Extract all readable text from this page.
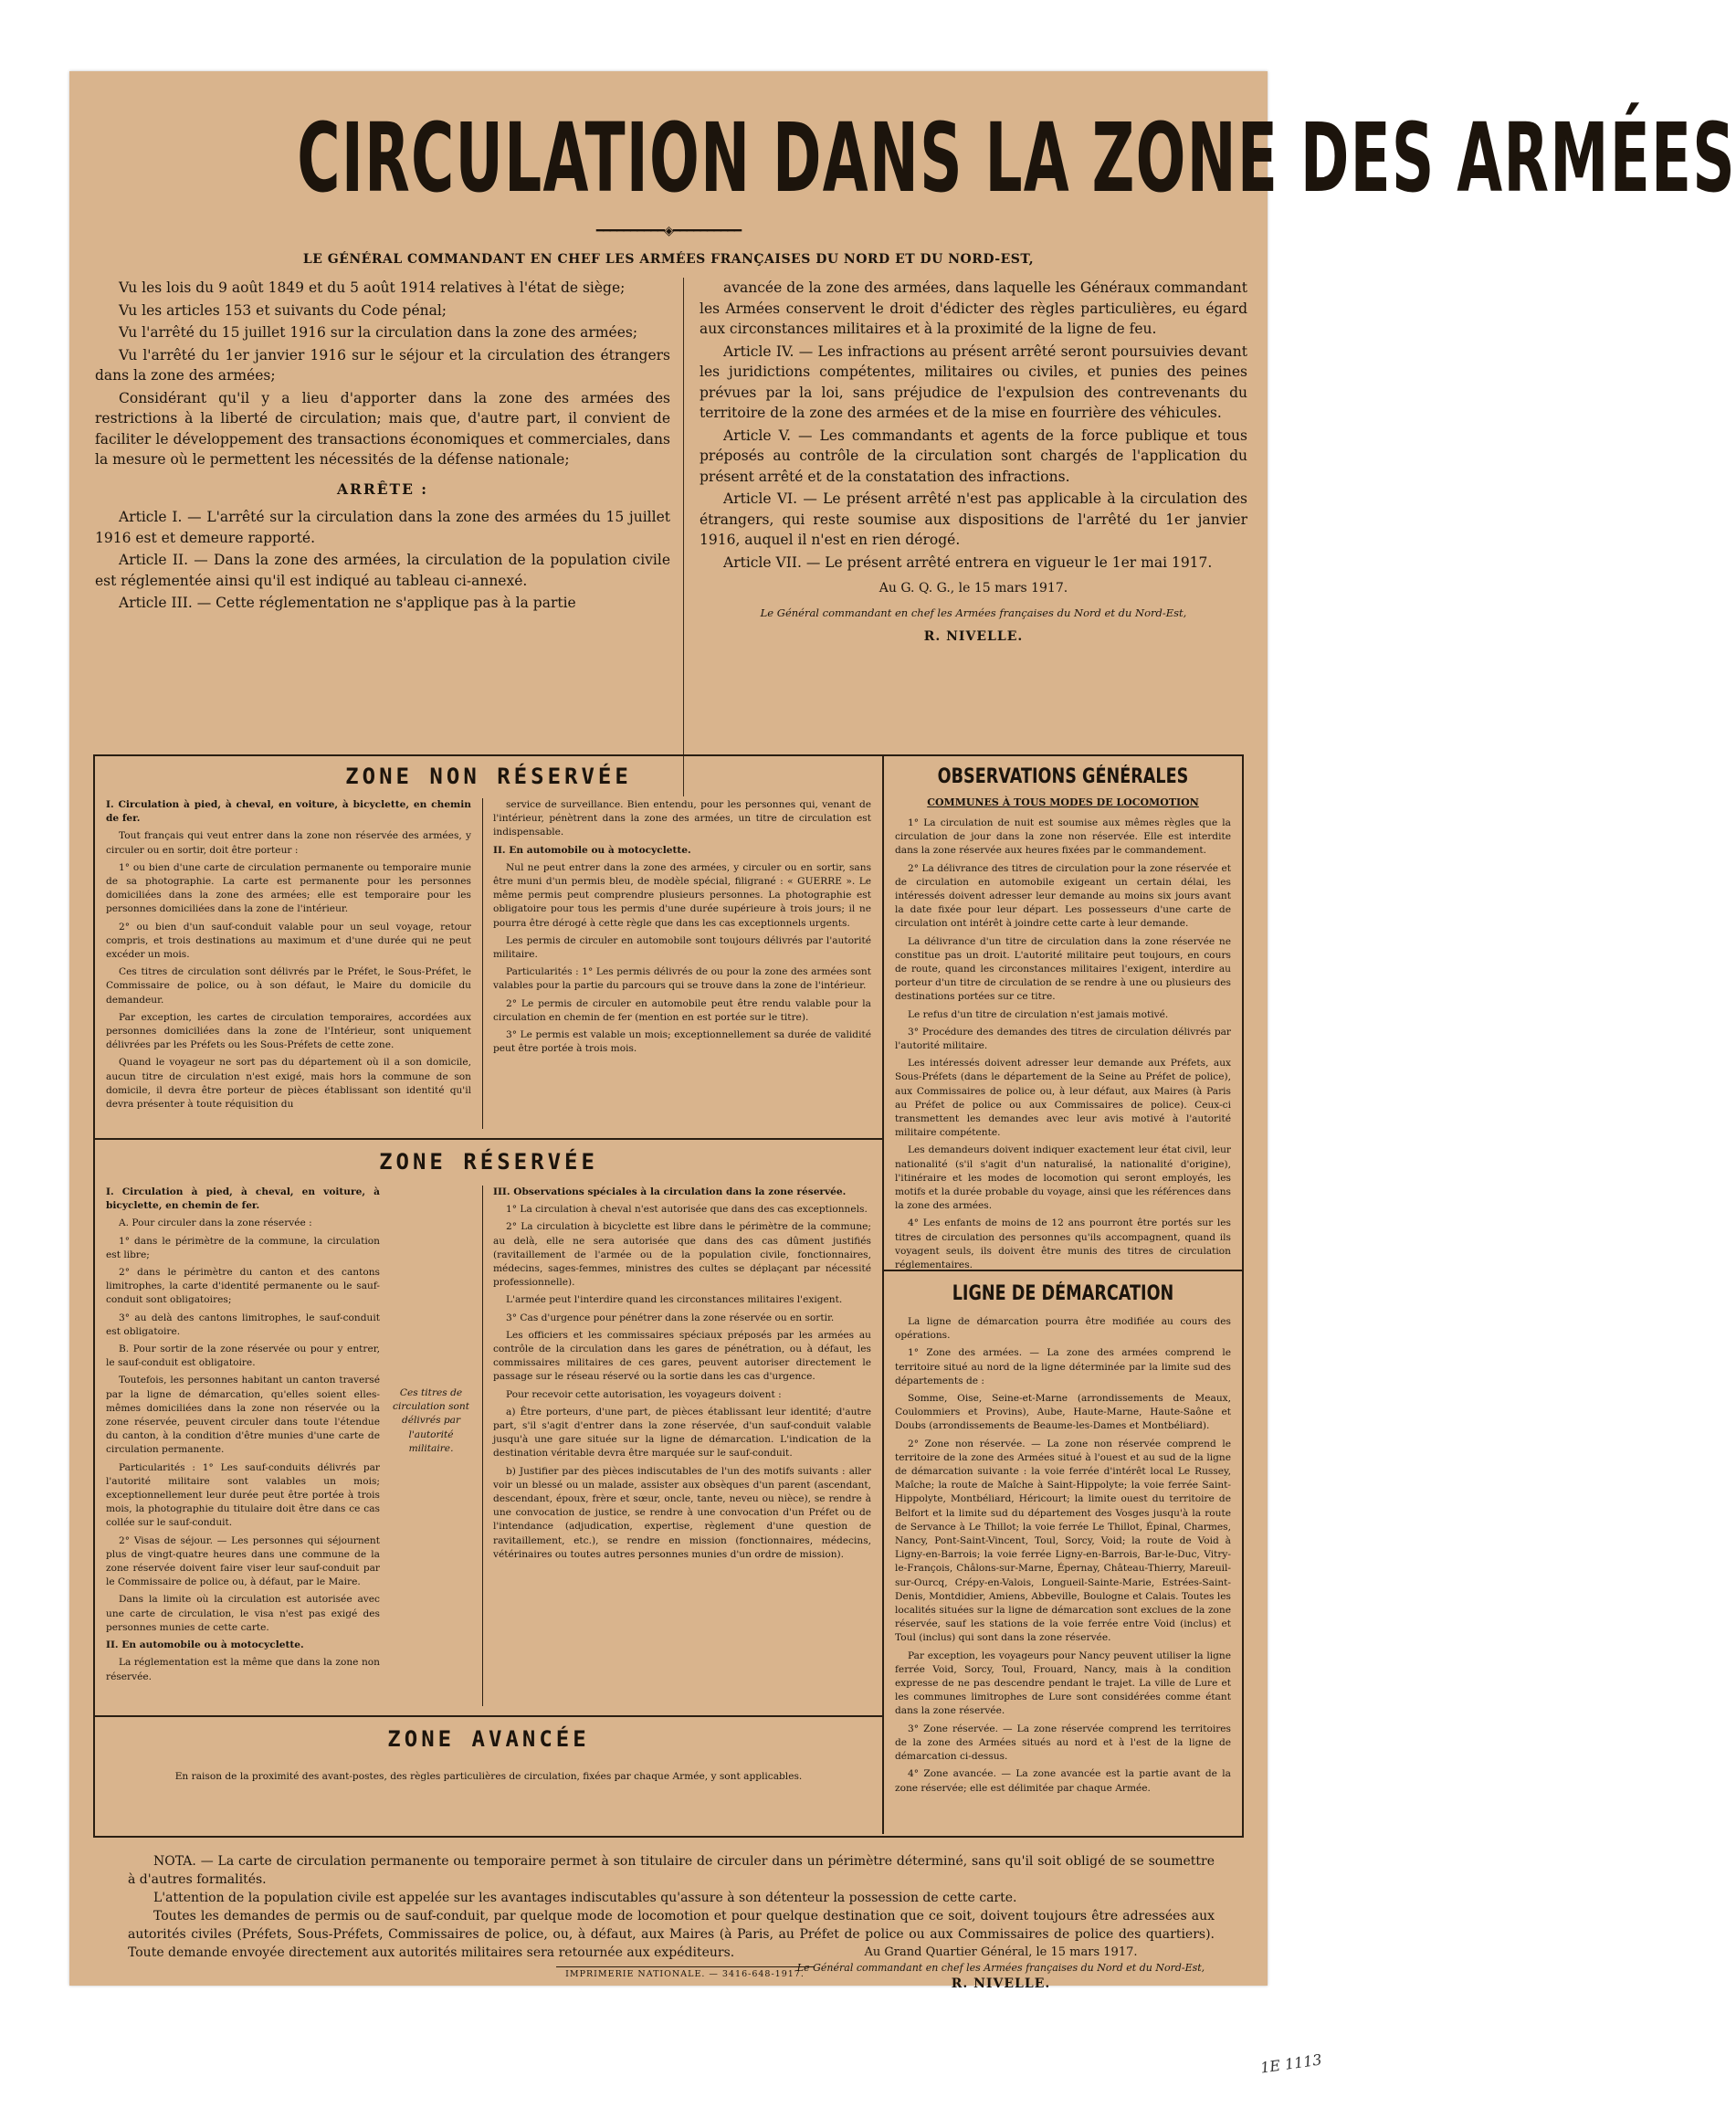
CIRCULATION DANS LA ZONE DES ARMÉES
━━━━━━━━━━◈━━━━━━━━━━
LE GÉNÉRAL COMMANDANT EN CHEF LES ARMÉES FRANÇAISES DU NORD ET DU NORD-EST,

Vu les lois du 9 août 1849 et du 5 août 1914 relatives à l'état de siège;

Vu les articles 153 et suivants du Code pénal;

Vu l'arrêté du 15 juillet 1916 sur la circulation dans la zone des armées;

Vu l'arrêté du 1er janvier 1916 sur le séjour et la circulation des étrangers dans la zone des armées;

Considérant qu'il y a lieu d'apporter dans la zone des armées des restrictions à la liberté de circulation; mais que, d'autre part, il convient de faciliter le développement des transactions économiques et commerciales, dans la mesure où le permettent les nécessités de la défense nationale;

ARRÊTE :

Article I. — L'arrêté sur la circulation dans la zone des armées du 15 juillet 1916 est et demeure rapporté.

Article II. — Dans la zone des armées, la circulation de la population civile est réglementée ainsi qu'il est indiqué au tableau ci-annexé.

Article III. — Cette réglementation ne s'applique pas à la partie

avancée de la zone des armées, dans laquelle les Généraux commandant les Armées conservent le droit d'édicter des règles particulières, eu égard aux circonstances militaires et à la proximité de la ligne de feu.

Article IV. — Les infractions au présent arrêté seront poursuivies devant les juridictions compétentes, militaires ou civiles, et punies des peines prévues par la loi, sans préjudice de l'expulsion des contrevenants du territoire de la zone des armées et de la mise en fourrière des véhicules.

Article V. — Les commandants et agents de la force publique et tous préposés au contrôle de la circulation sont chargés de l'application du présent arrêté et de la constatation des infractions.

Article VI. — Le présent arrêté n'est pas applicable à la circulation des étrangers, qui reste soumise aux dispositions de l'arrêté du 1er janvier 1916, auquel il n'est en rien dérogé.

Article VII. — Le présent arrêté entrera en vigueur le 1er mai 1917.

Au G. Q. G., le 15 mars 1917.
Le Général commandant en chef les Armées françaises du Nord et du Nord-Est,
R. NIVELLE.
ZONE NON RÉSERVÉE

I. Circulation à pied, à cheval, en voiture, à bicyclette, en chemin de fer.

Tout français qui veut entrer dans la zone non réservée des armées, y circuler ou en sortir, doit être porteur :

1° ou bien d'une carte de circulation permanente ou temporaire munie de sa photographie. La carte est permanente pour les personnes domiciliées dans la zone des armées; elle est temporaire pour les personnes domiciliées dans la zone de l'intérieur.

2° ou bien d'un sauf-conduit valable pour un seul voyage, retour compris, et trois destinations au maximum et d'une durée qui ne peut excéder un mois.

Ces titres de circulation sont délivrés par le Préfet, le Sous-Préfet, le Commissaire de police, ou à son défaut, le Maire du domicile du demandeur.

Par exception, les cartes de circulation temporaires, accordées aux personnes domiciliées dans la zone de l'Intérieur, sont uniquement délivrées par les Préfets ou les Sous-Préfets de cette zone.

Quand le voyageur ne sort pas du département où il a son domicile, aucun titre de circulation n'est exigé, mais hors la commune de son domicile, il devra être porteur de pièces établissant son identité qu'il devra présenter à toute réquisition du

service de surveillance. Bien entendu, pour les personnes qui, venant de l'intérieur, pénètrent dans la zone des armées, un titre de circulation est indispensable.

II. En automobile ou à motocyclette.

Nul ne peut entrer dans la zone des armées, y circuler ou en sortir, sans être muni d'un permis bleu, de modèle spécial, filigrané : « GUERRE ». Le même permis peut comprendre plusieurs personnes. La photographie est obligatoire pour tous les permis d'une durée supérieure à trois jours; il ne pourra être dérogé à cette règle que dans les cas exceptionnels urgents.

Les permis de circuler en automobile sont toujours délivrés par l'autorité militaire.

Particularités : 1° Les permis délivrés de ou pour la zone des armées sont valables pour la partie du parcours qui se trouve dans la zone de l'intérieur.

2° Le permis de circuler en automobile peut être rendu valable pour la circulation en chemin de fer (mention en est portée sur le titre).

3° Le permis est valable un mois; exceptionnellement sa durée de validité peut être portée à trois mois.

ZONE RÉSERVÉE

I. Circulation à pied, à cheval, en voiture, à bicyclette, en chemin de fer.

A. Pour circuler dans la zone réservée :

1° dans le périmètre de la commune, la circulation est libre;

2° dans le périmètre du canton et des cantons limitrophes, la carte d'identité permanente ou le sauf-conduit sont obligatoires;

3° au delà des cantons limitrophes, le sauf-conduit est obligatoire.

B. Pour sortir de la zone réservée ou pour y entrer, le sauf-conduit est obligatoire.

Toutefois, les personnes habitant un canton traversé par la ligne de démarcation, qu'elles soient elles-mêmes domiciliées dans la zone non réservée ou la zone réservée, peuvent circuler dans toute l'étendue du canton, à la condition d'être munies d'une carte de circulation permanente.

Particularités : 1° Les sauf-conduits délivrés par l'autorité militaire sont valables un mois; exceptionnellement leur durée peut être portée à trois mois, la photographie du titulaire doit être dans ce cas collée sur le sauf-conduit.

2° Visas de séjour. — Les personnes qui séjournent plus de vingt-quatre heures dans une commune de la zone réservée doivent faire viser leur sauf-conduit par le Commissaire de police ou, à défaut, par le Maire.

Dans la limite où la circulation est autorisée avec une carte de circulation, le visa n'est pas exigé des personnes munies de cette carte.

II. En automobile ou à motocyclette.

La réglementation est la même que dans la zone non réservée.

Ces titres de circulation sont délivrés par l'autorité militaire.

III. Observations spéciales à la circulation dans la zone réservée.

1° La circulation à cheval n'est autorisée que dans des cas exceptionnels.

2° La circulation à bicyclette est libre dans le périmètre de la commune; au delà, elle ne sera autorisée que dans des cas dûment justifiés (ravitaillement de l'armée ou de la population civile, fonctionnaires, médecins, sages-femmes, ministres des cultes se déplaçant par nécessité professionnelle).

L'armée peut l'interdire quand les circonstances militaires l'exigent.

3° Cas d'urgence pour pénétrer dans la zone réservée ou en sortir.

Les officiers et les commissaires spéciaux préposés par les armées au contrôle de la circulation dans les gares de pénétration, ou à défaut, les commissaires militaires de ces gares, peuvent autoriser directement le passage sur le réseau réservé ou la sortie dans les cas d'urgence.

Pour recevoir cette autorisation, les voyageurs doivent :

a) Être porteurs, d'une part, de pièces établissant leur identité; d'autre part, s'il s'agit d'entrer dans la zone réservée, d'un sauf-conduit valable jusqu'à une gare située sur la ligne de démarcation. L'indication de la destination véritable devra être marquée sur le sauf-conduit.

b) Justifier par des pièces indiscutables de l'un des motifs suivants : aller voir un blessé ou un malade, assister aux obsèques d'un parent (ascendant, descendant, époux, frère et sœur, oncle, tante, neveu ou nièce), se rendre à une convocation de justice, se rendre à une convocation d'un Préfet ou de l'intendance (adjudication, expertise, règlement d'une question de ravitaillement, etc.), se rendre en mission (fonctionnaires, médecins, vétérinaires ou toutes autres personnes munies d'un ordre de mission).

ZONE AVANCÉE
En raison de la proximité des avant-postes, des règles particulières de circulation, fixées par chaque Armée, y sont applicables.
OBSERVATIONS GÉNÉRALES
COMMUNES À TOUS MODES DE LOCOMOTION

1° La circulation de nuit est soumise aux mêmes règles que la circulation de jour dans la zone non réservée. Elle est interdite dans la zone réservée aux heures fixées par le commandement.

2° La délivrance des titres de circulation pour la zone réservée et de circulation en automobile exigeant un certain délai, les intéressés doivent adresser leur demande au moins six jours avant la date fixée pour leur départ. Les possesseurs d'une carte de circulation ont intérêt à joindre cette carte à leur demande.

La délivrance d'un titre de circulation dans la zone réservée ne constitue pas un droit. L'autorité militaire peut toujours, en cours de route, quand les circonstances militaires l'exigent, interdire au porteur d'un titre de circulation de se rendre à une ou plusieurs des destinations portées sur ce titre.

Le refus d'un titre de circulation n'est jamais motivé.

3° Procédure des demandes des titres de circulation délivrés par l'autorité militaire.

Les intéressés doivent adresser leur demande aux Préfets, aux Sous-Préfets (dans le département de la Seine au Préfet de police), aux Commissaires de police ou, à leur défaut, aux Maires (à Paris au Préfet de police ou aux Commissaires de police). Ceux-ci transmettent les demandes avec leur avis motivé à l'autorité militaire compétente.

Les demandeurs doivent indiquer exactement leur état civil, leur nationalité (s'il s'agit d'un naturalisé, la nationalité d'origine), l'itinéraire et les modes de locomotion qui seront employés, les motifs et la durée probable du voyage, ainsi que les références dans la zone des armées.

4° Les enfants de moins de 12 ans pourront être portés sur les titres de circulation des personnes qu'ils accompagnent, quand ils voyagent seuls, ils doivent être munis des titres de circulation réglementaires.

LIGNE DE DÉMARCATION

La ligne de démarcation pourra être modifiée au cours des opérations.

1° Zone des armées. — La zone des armées comprend le territoire situé au nord de la ligne déterminée par la limite sud des départements de :

Somme, Oise, Seine-et-Marne (arrondissements de Meaux, Coulommiers et Provins), Aube, Haute-Marne, Haute-Saône et Doubs (arrondissements de Beaume-les-Dames et Montbéliard).

2° Zone non réservée. — La zone non réservée comprend le territoire de la zone des Armées situé à l'ouest et au sud de la ligne de démarcation suivante : la voie ferrée d'intérêt local Le Russey, Maîche; la route de Maîche à Saint-Hippolyte; la voie ferrée Saint-Hippolyte, Montbéliard, Héricourt; la limite ouest du territoire de Belfort et la limite sud du département des Vosges jusqu'à la route de Servance à Le Thillot; la voie ferrée Le Thillot, Épinal, Charmes, Nancy, Pont-Saint-Vincent, Toul, Sorcy, Void; la route de Void à Ligny-en-Barrois; la voie ferrée Ligny-en-Barrois, Bar-le-Duc, Vitry-le-François, Châlons-sur-Marne, Épernay, Château-Thierry, Mareuil-sur-Ourcq, Crépy-en-Valois, Longueil-Sainte-Marie, Estrées-Saint-Denis, Montdidier, Amiens, Abbeville, Boulogne et Calais. Toutes les localités situées sur la ligne de démarcation sont exclues de la zone réservée, sauf les stations de la voie ferrée entre Void (inclus) et Toul (inclus) qui sont dans la zone réservée.

Par exception, les voyageurs pour Nancy peuvent utiliser la ligne ferrée Void, Sorcy, Toul, Frouard, Nancy, mais à la condition expresse de ne pas descendre pendant le trajet. La ville de Lure et les communes limitrophes de Lure sont considérées comme étant dans la zone réservée.

3° Zone réservée. — La zone réservée comprend les territoires de la zone des Armées situés au nord et à l'est de la ligne de démarcation ci-dessus.

4° Zone avancée. — La zone avancée est la partie avant de la zone réservée; elle est délimitée par chaque Armée.

NOTA. — La carte de circulation permanente ou temporaire permet à son titulaire de circuler dans un périmètre déterminé, sans qu'il soit obligé de se soumettre à d'autres formalités.

L'attention de la population civile est appelée sur les avantages indiscutables qu'assure à son détenteur la possession de cette carte.

Toutes les demandes de permis ou de sauf-conduit, par quelque mode de locomotion et pour quelque destination que ce soit, doivent toujours être adressées aux autorités civiles (Préfets, Sous-Préfets, Commissaires de police, ou, à défaut, aux Maires (à Paris, au Préfet de police ou aux Commissaires de police des quartiers). Toute demande envoyée directement aux autorités militaires sera retournée aux expéditeurs.	Au Grand Quartier Général, le 15 mars 1917.
Le Général commandant en chef les Armées françaises du Nord et du Nord-Est,
R. NIVELLE.
IMPRIMERIE NATIONALE. — 3416-648-1917.
1E 1113
